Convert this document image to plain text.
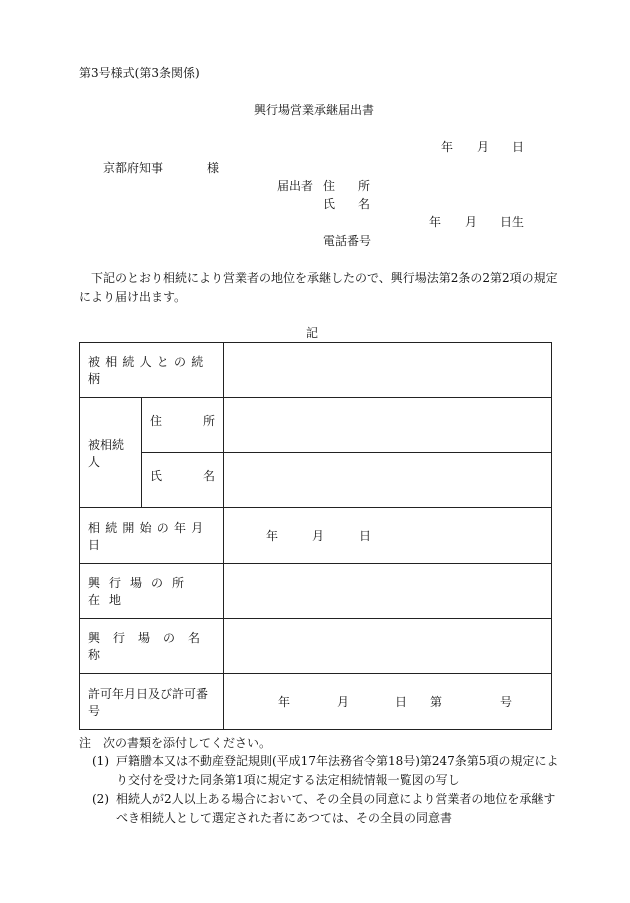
第3号様式(第3条関係)
興行場営業承継届出書
年 月 日
京都府知事	様
届出者 住 所
氏 名
年 月 日生
電話番号
下記のとおり相続により営業者の地位を承継したので、興行場法第2条の2第2項の規定
により届け出ます。
記
被相続人との続柄		

被相続人	住 所	

	氏 名	

相続開始の年月日		年 月 日

興行場の所在地		

興行場の名称		
許可年月日及び許可番号		年 月 日 第 号
注　次の書類を添付してください。
(1) 戸籍謄本又は不動産登記規則(平成17年法務省令第18号)第247条第5項の規定によ
り交付を受けた同条第1項に規定する法定相続情報一覧図の写し
(2) 相続人が2人以上ある場合において、その全員の同意により営業者の地位を承継す
べき相続人として選定された者にあつては、その全員の同意書
